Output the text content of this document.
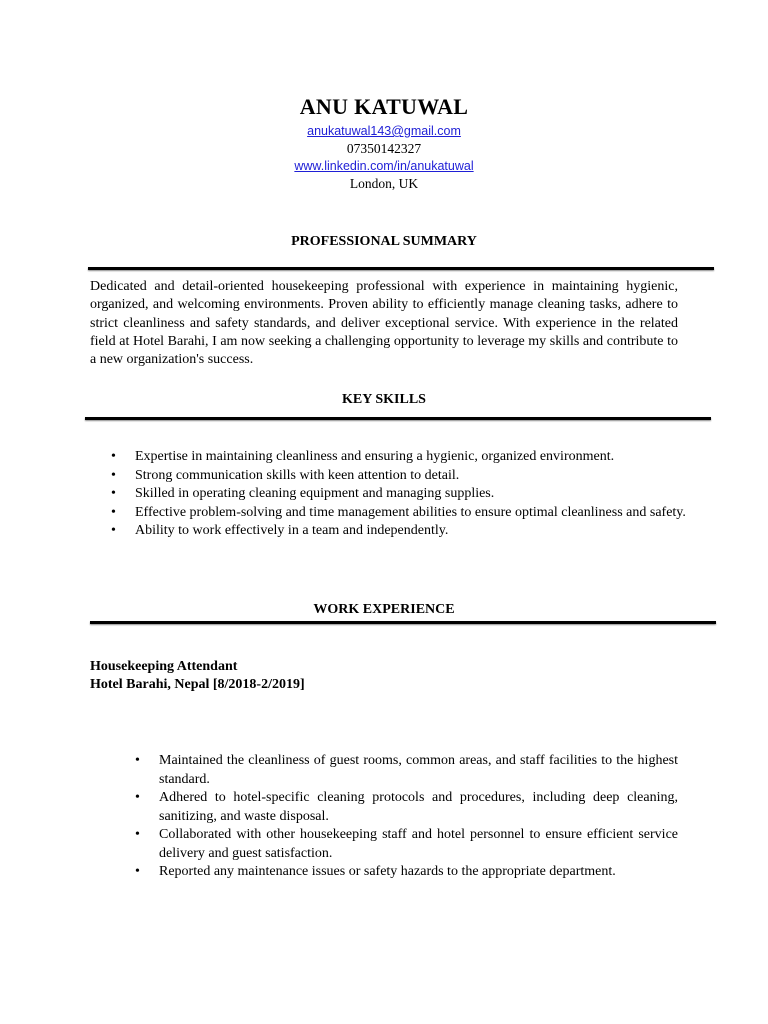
ANU KATUWAL
anukatuwal143@gmail.com
07350142327
www.linkedin.com/in/anukatuwal
London, UK
PROFESSIONAL SUMMARY
Dedicated and detail-oriented housekeeping professional with experience in maintaining hygienic, organized, and welcoming environments. Proven ability to efficiently manage cleaning tasks, adhere to strict cleanliness and safety standards, and deliver exceptional service. With experience in the related field at Hotel Barahi, I am now seeking a challenging opportunity to leverage my skills and contribute to a new organization's success.
KEY SKILLS
• Expertise in maintaining cleanliness and ensuring a hygienic, organized environment.
• Strong communication skills with keen attention to detail.
• Skilled in operating cleaning equipment and managing supplies.
• Effective problem-solving and time management abilities to ensure optimal cleanliness and safety.
• Ability to work effectively in a team and independently.
WORK EXPERIENCE
Housekeeping Attendant
Hotel Barahi, Nepal [8/2018-2/2019]
• Maintained the cleanliness of guest rooms, common areas, and staff facilities to the highest standard.
• Adhered to hotel-specific cleaning protocols and procedures, including deep cleaning, sanitizing, and waste disposal.
• Collaborated with other housekeeping staff and hotel personnel to ensure efficient service delivery and guest satisfaction.
• Reported any maintenance issues or safety hazards to the appropriate department.
